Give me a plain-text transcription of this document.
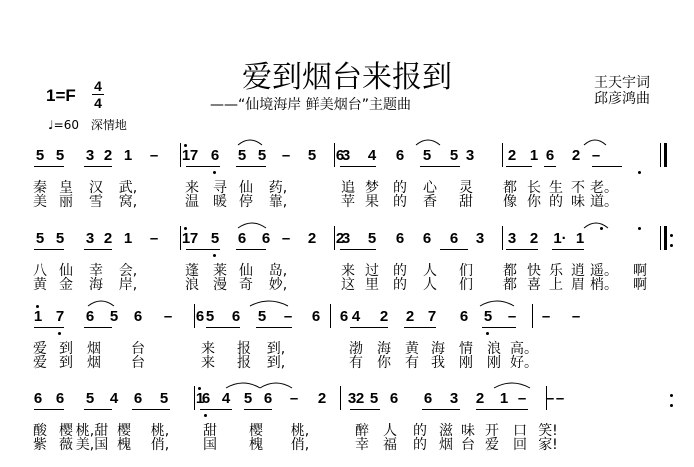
爱到烟台来报到
——“仙境海岸 鲜美烟台”主题曲
王天宇词
邱彦鸿曲
1=F 4
4
♩=60 深情地
5 5 3 2 1 – 1 7 6 5 5 – 5 6
3 4 6 5 5 3 2 1 6 2 –
秦 皇 汉 武,	来 寻 仙 药,	追 梦 的 心 灵 都 长 生 不 老。
美 丽 雪 窝,	温 暖 停 靠,	苹 果 的 香 甜 像 你 的 味 道。
5 5 3 2 1 – 1 7 5 6 6 – 2 2
3 5 6 6 6 3 3 2 1· 1
八 仙 幸 会,	蓬 莱 仙 岛,	来 过 的 人 们 都 快 乐 逍 遥。 啊
黄 金 海 岸,	浪 漫 奇 妙,	这 里 的 人 们 都 喜 上 眉 梢。 啊
1 7 6 5 6 – 6 5 6 5 – 6 6 4 2 2 7 6 5 – – –
爱 到 烟 台	来 报 到,	渤 海 黄 海 情 浪 高。
爱 到 烟 台	来 报 到,	有 你 有 我 刚 刚 好。
6 6 5 4 6 5 1
6 4 5 6 – 2 3 2 5 6 6 3 2 1 – – –
酸 樱 桃,甜 樱 桃, 甜 樱 桃,	醉 人 的 滋 味 开 口 笑!
紫 薇 美,国 槐 俏, 国 槐 俏,	幸 福 的 烟 台 爱 回 家!
